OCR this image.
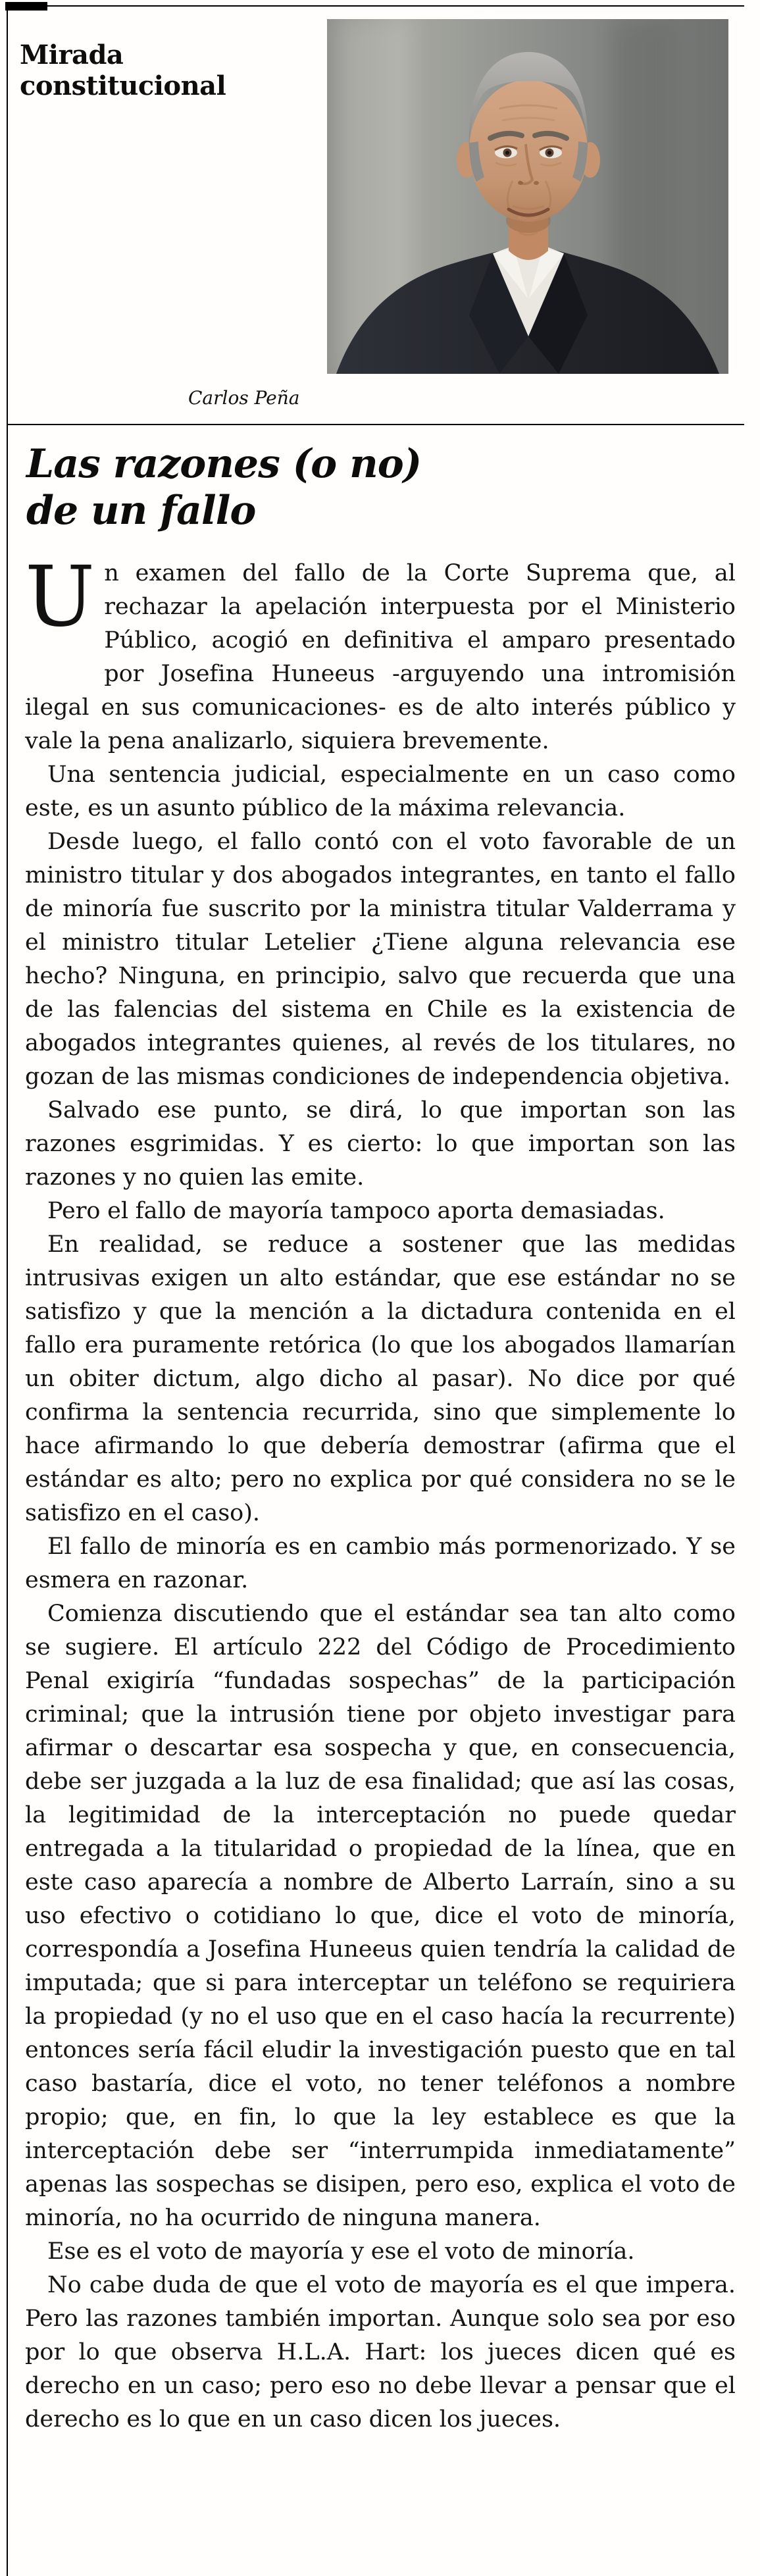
Mirada
constitucional
Carlos Peña
Las razones (o no)
de un fallo

Un examen del fallo de la Corte Suprema que, al rechazar la apelación interpuesta por el Ministerio Público, acogió en definitiva el amparo presentado por Josefina Huneeus -arguyendo una intromisión ilegal en sus comunicaciones- es de alto interés público y vale la pena analizarlo, siquiera brevemente.

Una sentencia judicial, especialmente en un caso como este, es un asunto público de la máxima relevancia.

Desde luego, el fallo contó con el voto favorable de un ministro titular y dos abogados integrantes, en tanto el fallo de minoría fue suscrito por la ministra titular Valderrama y el ministro titular Letelier ¿Tiene alguna relevancia ese hecho? Ninguna, en principio, salvo que recuerda que una de las falencias del sistema en Chile es la existencia de abogados integrantes quienes, al revés de los titulares, no gozan de las mismas condiciones de independencia objetiva.

Salvado ese punto, se dirá, lo que importan son las razones esgrimidas. Y es cierto: lo que importan son las razones y no quien las emite.

Pero el fallo de mayoría tampoco aporta demasiadas.

En realidad, se reduce a sostener que las medidas intrusivas exigen un alto estándar, que ese estándar no se satisfizo y que la mención a la dictadura contenida en el fallo era puramente retórica (lo que los abogados llamarían un obiter dictum, algo dicho al pasar). No dice por qué confirma la sentencia recurrida, sino que simplemente lo hace afirmando lo que debería demostrar (afirma que el estándar es alto; pero no explica por qué considera no se le satisfizo en el caso).

El fallo de minoría es en cambio más pormenorizado. Y se esmera en razonar.

Comienza discutiendo que el estándar sea tan alto como se sugiere. El artículo 222 del Código de Procedimiento Penal exigiría “fundadas sospechas” de la participación criminal; que la intrusión tiene por objeto investigar para afirmar o descartar esa sospecha y que, en consecuencia, debe ser juzgada a la luz de esa finalidad; que así las cosas, la legitimidad de la interceptación no puede quedar entregada a la titularidad o propiedad de la línea, que en este caso aparecía a nombre de Alberto Larraín, sino a su uso efectivo o cotidiano lo que, dice el voto de minoría, correspondía a Josefina Huneeus quien tendría la calidad de imputada; que si para interceptar un teléfono se requiriera la propiedad (y no el uso que en el caso hacía la recurrente) entonces sería fácil eludir la investigación puesto que en tal caso bastaría, dice el voto, no tener teléfonos a nombre propio; que, en fin, lo que la ley establece es que la interceptación debe ser “interrumpida inmediatamente” apenas las sospechas se disipen, pero eso, explica el voto de minoría, no ha ocurrido de ninguna manera.

Ese es el voto de mayoría y ese el voto de minoría.

No cabe duda de que el voto de mayoría es el que impera. Pero las razones también importan. Aunque solo sea por eso por lo que observa H.L.A. Hart: los jueces dicen qué es derecho en un caso; pero eso no debe llevar a pensar que el derecho es lo que en un caso dicen los jueces.
